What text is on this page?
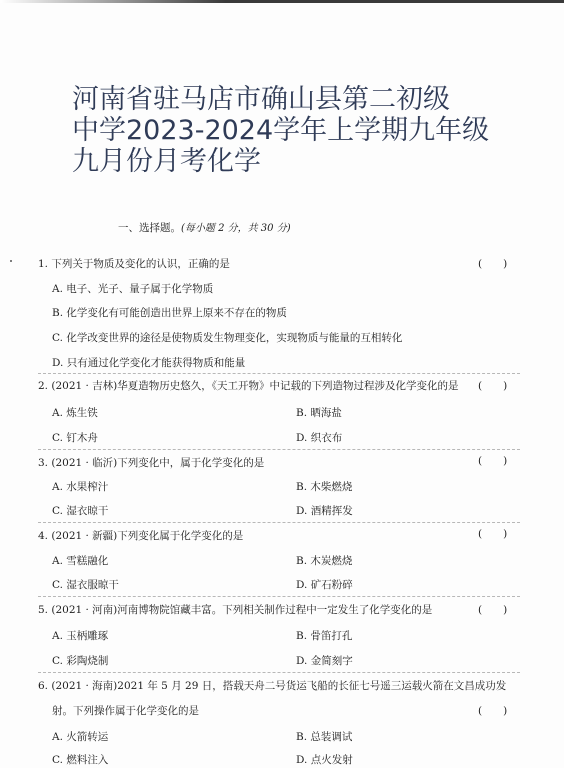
河南省驻马店市确山县第二初级
中学2023-2024学年上学期九年级
九月份月考化学
一、选择题。(每小题 2 分，共 30 分)
1. 下列关于物质及变化的认识，正确的是	(　　)
A. 电子、光子、量子属于化学物质
B. 化学变化有可能创造出世界上原来不存在的物质
C. 化学改变世界的途径是使物质发生物理变化，实现物质与能量的互相转化
D. 只有通过化学变化才能获得物质和能量
2. (2021 · 吉林)华夏造物历史悠久，《天工开物》中记载的下列造物过程涉及化学变化的是 (　　)
A. 炼生铁	B. 晒海盐
C. 钉木舟	D. 织衣布
3. (2021 · 临沂)下列变化中，属于化学变化的是	(　　)
A. 水果榨汁	B. 木柴燃烧
C. 湿衣晾干	D. 酒精挥发
4. (2021 · 新疆)下列变化属于化学变化的是	(　　)
A. 雪糕融化	B. 木炭燃烧
C. 湿衣服晾干	D. 矿石粉碎
5. (2021 · 河南)河南博物院馆藏丰富。下列相关制作过程中一定发生了化学变化的是	(　　)
A. 玉柄雕琢	B. 骨笛打孔
C. 彩陶烧制	D. 金简刻字
6. (2021 · 海南)2021 年 5 月 29 日，搭载天舟二号货运飞船的长征七号遥三运载火箭在文昌成功发
射。下列操作属于化学变化的是	(　　)
A. 火箭转运	B. 总装调试
C. 燃料注入	D. 点火发射
